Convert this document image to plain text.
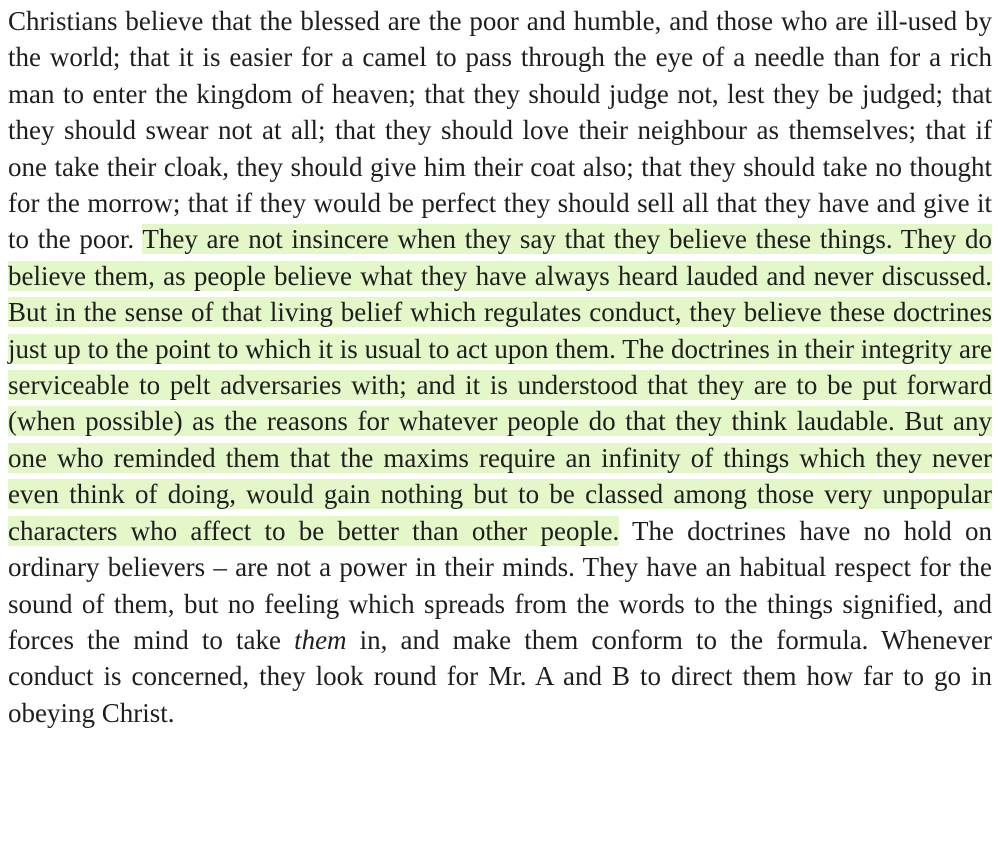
Christians believe that the blessed are the poor and humble, and those who are ill-used by the world; that it is easier for a camel to pass through the eye of a needle than for a rich man to enter the kingdom of heaven; that they should judge not, lest they be judged; that they should swear not at all; that they should love their neighbour as themselves; that if one take their cloak, they should give him their coat also; that they should take no thought for the morrow; that if they would be perfect they should sell all that they have and give it to the poor. They are not insincere when they say that they believe these things. They do believe them, as people believe what they have always heard lauded and never discussed. But in the sense of that living belief which regulates conduct, they believe these doctrines just up to the point to which it is usual to act upon them. The doctrines in their integrity are serviceable to pelt adversaries with; and it is understood that they are to be put forward (when possible) as the reasons for whatever people do that they think laudable. But any one who reminded them that the maxims require an infinity of things which they never even think of doing, would gain nothing but to be classed among those very unpopular characters who affect to be better than other people. The doctrines have no hold on ordinary believers – are not a power in their minds. They have an habitual respect for the sound of them, but no feeling which spreads from the words to the things signified, and forces the mind to take them in, and make them conform to the formula. Whenever conduct is concerned, they look round for Mr. A and B to direct them how far to go in obeying Christ.
